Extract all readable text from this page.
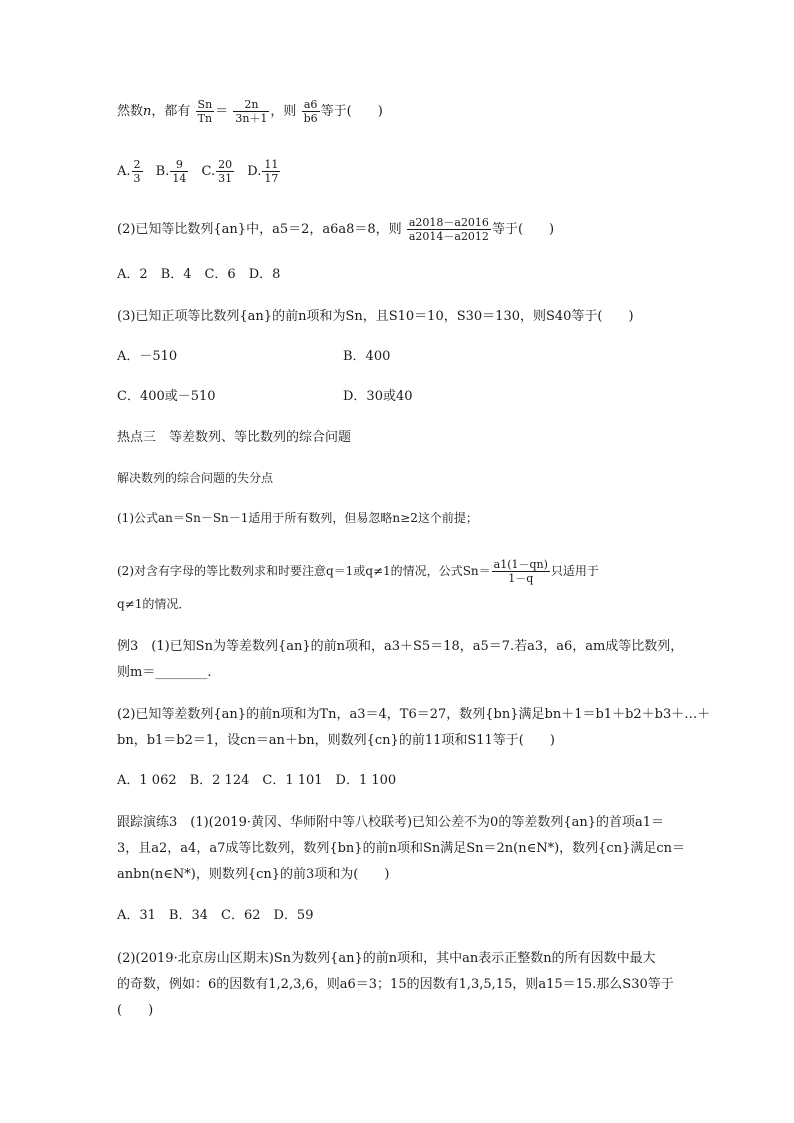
然数n，都有 $\frac{Sn}{Tn} = \frac{2n}{3n+1}$ ，则 $\frac{a6}{b6}$ 等于(　　)
A. $\frac{2}{3} B$. $\frac{9}{14} C$. $\frac{20}{31} D$. $\frac{11}{17}$
(2)已知等比数列{an}中，a5＝2，a6a8＝8，则 $\frac{a2018-a2016}{a2014-a2012}$ 等于(　　)
A．2　B．4　C．6　D．8
(3)已知正项等比数列{an}的前n项和为Sn，且S10＝10，S30＝130，则S40等于(　　)
A．－510	B．400
C．400或－510	D．30或40
热点三　等差数列、等比数列的综合问题
解决数列的综合问题的失分点
(1)公式an＝Sn－Sn－1适用于所有数列，但易忽略n≥2这个前提；
(2)对含有字母的等比数列求和时要注意q＝1或q≠1的情况，公式$Sn= \frac{a1(1-qn)}{1-q}$ 只适用于
q≠1的情况．
例3　(1)已知Sn为等差数列{an}的前n项和，a3＋S5＝18，a5＝7.若a3，a6，am成等比数列，
则m＝________.
(2)已知等差数列{an}的前n项和为Tn，a3＝4，T6＝27，数列{bn}满足bn＋1＝b1＋b2＋b3＋…＋
bn，b1＝b2＝1，设cn＝an＋bn，则数列{cn}的前11项和S11等于(　　)
A．1 062　B．2 124　C．1 101　D．1 100
跟踪演练3　(1)(2019·黄冈、华师附中等八校联考)已知公差不为0的等差数列{an}的首项a1＝
3，且a2，a4，a7成等比数列，数列{bn}的前n项和Sn满足Sn＝2n(n∈N*)，数列{cn}满足cn＝
anbn(n∈N*)，则数列{cn}的前3项和为(　　)
A．31　B．34　C．62　D．59
(2)(2019·北京房山区期末)Sn为数列{an}的前n项和，其中an表示正整数n的所有因数中最大
的奇数，例如：6的因数有1,2,3,6，则a6＝3；15的因数有1,3,5,15，则a15＝15.那么S30等于
(　　)
